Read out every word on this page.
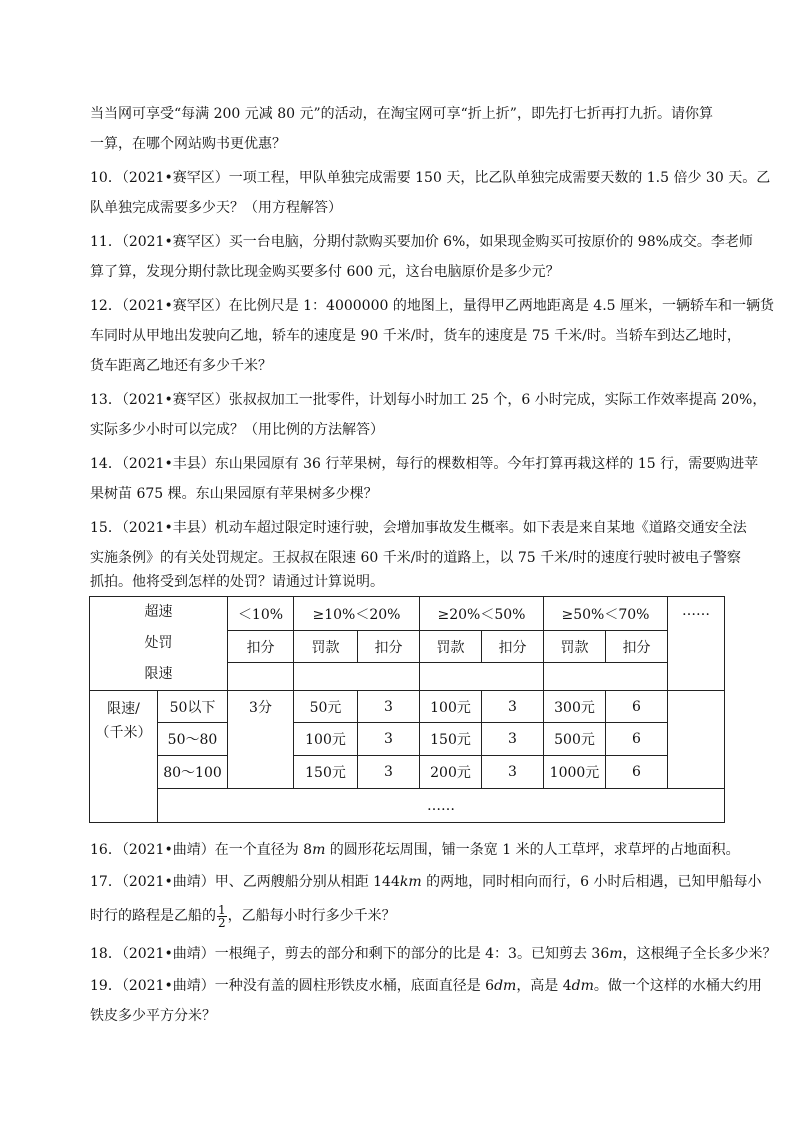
当当网可享受“每满 200 元减 80 元”的活动，在淘宝网可享“折上折”，即先打七折再打九折。请你算
一算，在哪个网站购书更优惠？
10．（2021•赛罕区）一项工程，甲队单独完成需要 150 天，比乙队单独完成需要天数的 1.5 倍少 30 天。乙
队单独完成需要多少天？（用方程解答）
11．（2021•赛罕区）买一台电脑，分期付款购买要加价 6%，如果现金购买可按原价的 98%成交。李老师
算了算，发现分期付款比现金购买要多付 600 元，这台电脑原价是多少元？
12．（2021•赛罕区）在比例尺是 1：4000000 的地图上，量得甲乙两地距离是 4.5 厘米，一辆轿车和一辆货
车同时从甲地出发驶向乙地，轿车的速度是 90 千米/时，货车的速度是 75 千米/时。当轿车到达乙地时，
货车距离乙地还有多少千米？
13．（2021•赛罕区）张叔叔加工一批零件，计划每小时加工 25 个，6 小时完成，实际工作效率提高 20%，
实际多少小时可以完成？（用比例的方法解答）
14．（2021•丰县）东山果园原有 36 行苹果树，每行的棵数相等。今年打算再栽这样的 15 行，需要购进苹
果树苗 675 棵。东山果园原有苹果树多少棵？
15．（2021•丰县）机动车超过限定时速行驶，会增加事故发生概率。如下表是来自某地《道路交通安全法
实施条例》的有关处罚规定。王叔叔在限速 60 千米/时的道路上，以 75 千米/时的速度行驶时被电子警察
抓拍。他将受到怎样的处罚？请通过计算说明。
超速
处罚
限速		＜10%	≥10%＜20%		≥20%＜50%		≥50%＜70%		……
		扣分	罚款	扣分	罚款	扣分	罚款	扣分	

限速/（千米）	50以下	3分	50元	3	100元	3	300元	6	
	50～80		100元	3	150元	3	500元	6	
	80～100		150元	3	200元	3	1000元	6	
	……								
16．（2021•曲靖）在一个直径为 8m 的圆形花坛周围，铺一条宽 1 米的人工草坪，求草坪的占地面积。
17．（2021•曲靖）甲、乙两艘船分别从相距 144km 的两地，同时相向而行，6 小时后相遇，已知甲船每小
时行的路程是乙船的 $\frac{1}{2}$ ，乙船每小时行多少千米？
18．（2021•曲靖）一根绳子，剪去的部分和剩下的部分的比是 4：3。已知剪去 36m，这根绳子全长多少米？
19．（2021•曲靖）一种没有盖的圆柱形铁皮水桶，底面直径是 6dm，高是 4dm。做一个这样的水桶大约用
铁皮多少平方分米？
